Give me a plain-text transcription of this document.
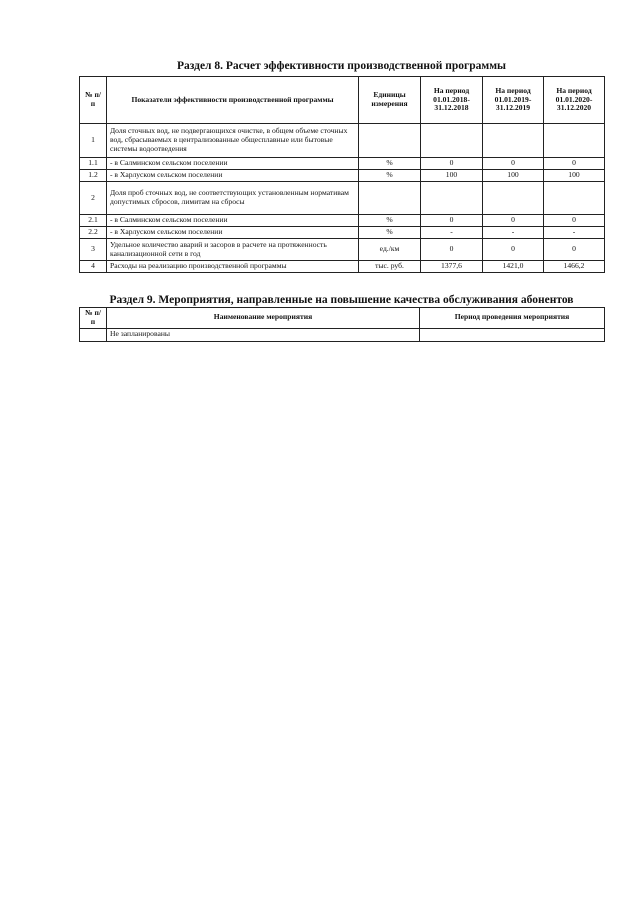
Раздел 8. Расчет эффективности производственной программы
№ п/п	Показатели эффективности производственной программы	Единицы измерения	На период 01.01.2018-31.12.2018	На период 01.01.2019-31.12.2019	На период 01.01.2020-31.12.2020
1	Доля сточных вод, не подвергающихся очистке, в общем объеме сточных вод, сбрасываемых в централизованные общесплавные или бытовые системы водоотведения				
1.1	- в Салминском сельском поселении	%	0	0	0
1.2	- в Харлуском сельском поселении	%	100	100	100
2	Доля проб сточных вод, не соответствующих установленным нормативам допустимых сбросов, лимитам на сбросы				
2.1	- в Салминском сельском поселении	%	0	0	0
2.2	- в Харлуском сельском поселении	%	-	-	-
3	Удельное количество аварий и засоров в расчете на протяженность канализационной сети в год	ед./км	0	0	0
4	Расходы на реализацию производственной программы	тыс. руб.	1377,6	1421,0	1466,2
Раздел 9. Мероприятия, направленные на повышение качества обслуживания абонентов
№ п/п	Наименование мероприятия	Период проведения мероприятия
	Не запланированы	
